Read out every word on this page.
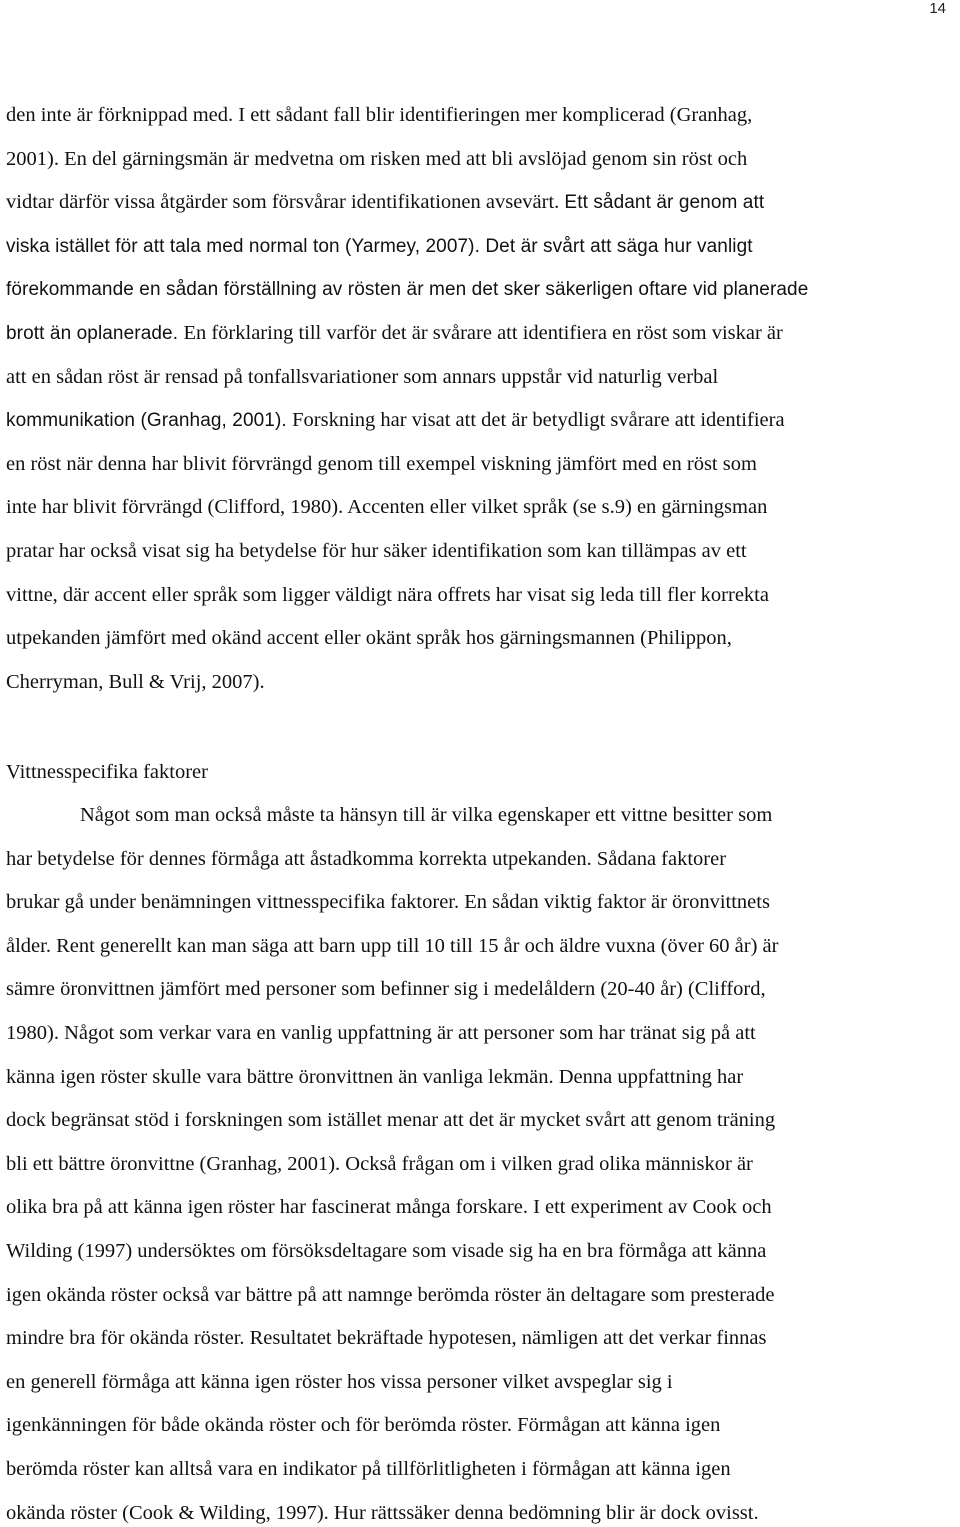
14
den inte är förknippad med. I ett sådant fall blir identifieringen mer komplicerad (Granhag,
2001). En del gärningsmän är medvetna om risken med att bli avslöjad genom sin röst och
vidtar därför vissa åtgärder som försvårar identifikationen avsevärt. Ett sådant är genom att
viska istället för att tala med normal ton (Yarmey, 2007). Det är svårt att säga hur vanligt
förekommande en sådan förställning av rösten är men det sker säkerligen oftare vid planerade
brott än oplanerade. En förklaring till varför det är svårare att identifiera en röst som viskar är
att en sådan röst är rensad på tonfallsvariationer som annars uppstår vid naturlig verbal
kommunikation (Granhag, 2001). Forskning har visat att det är betydligt svårare att identifiera
en röst när denna har blivit förvrängd genom till exempel viskning jämfört med en röst som
inte har blivit förvrängd (Clifford, 1980). Accenten eller vilket språk (se s.9) en gärningsman
pratar har också visat sig ha betydelse för hur säker identifikation som kan tillämpas av ett
vittne, där accent eller språk som ligger väldigt nära offrets har visat sig leda till fler korrekta
utpekanden jämfört med okänd accent eller okänt språk hos gärningsmannen (Philippon,
Cherryman, Bull & Vrij, 2007).
Vittnesspecifika faktorer
Något som man också måste ta hänsyn till är vilka egenskaper ett vittne besitter som
har betydelse för dennes förmåga att åstadkomma korrekta utpekanden. Sådana faktorer
brukar gå under benämningen vittnesspecifika faktorer. En sådan viktig faktor är öronvittnets
ålder. Rent generellt kan man säga att barn upp till 10 till 15 år och äldre vuxna (över 60 år) är
sämre öronvittnen jämfört med personer som befinner sig i medelåldern (20-40 år) (Clifford,
1980). Något som verkar vara en vanlig uppfattning är att personer som har tränat sig på att
känna igen röster skulle vara bättre öronvittnen än vanliga lekmän. Denna uppfattning har
dock begränsat stöd i forskningen som istället menar att det är mycket svårt att genom träning
bli ett bättre öronvittne (Granhag, 2001). Också frågan om i vilken grad olika människor är
olika bra på att känna igen röster har fascinerat många forskare. I ett experiment av Cook och
Wilding (1997) undersöktes om försöksdeltagare som visade sig ha en bra förmåga att känna
igen okända röster också var bättre på att namnge berömda röster än deltagare som presterade
mindre bra för okända röster. Resultatet bekräftade hypotesen, nämligen att det verkar finnas
en generell förmåga att känna igen röster hos vissa personer vilket avspeglar sig i
igenkänningen för både okända röster och för berömda röster. Förmågan att känna igen
berömda röster kan alltså vara en indikator på tillförlitligheten i förmågan att känna igen
okända röster (Cook & Wilding, 1997). Hur rättssäker denna bedömning blir är dock ovisst.
